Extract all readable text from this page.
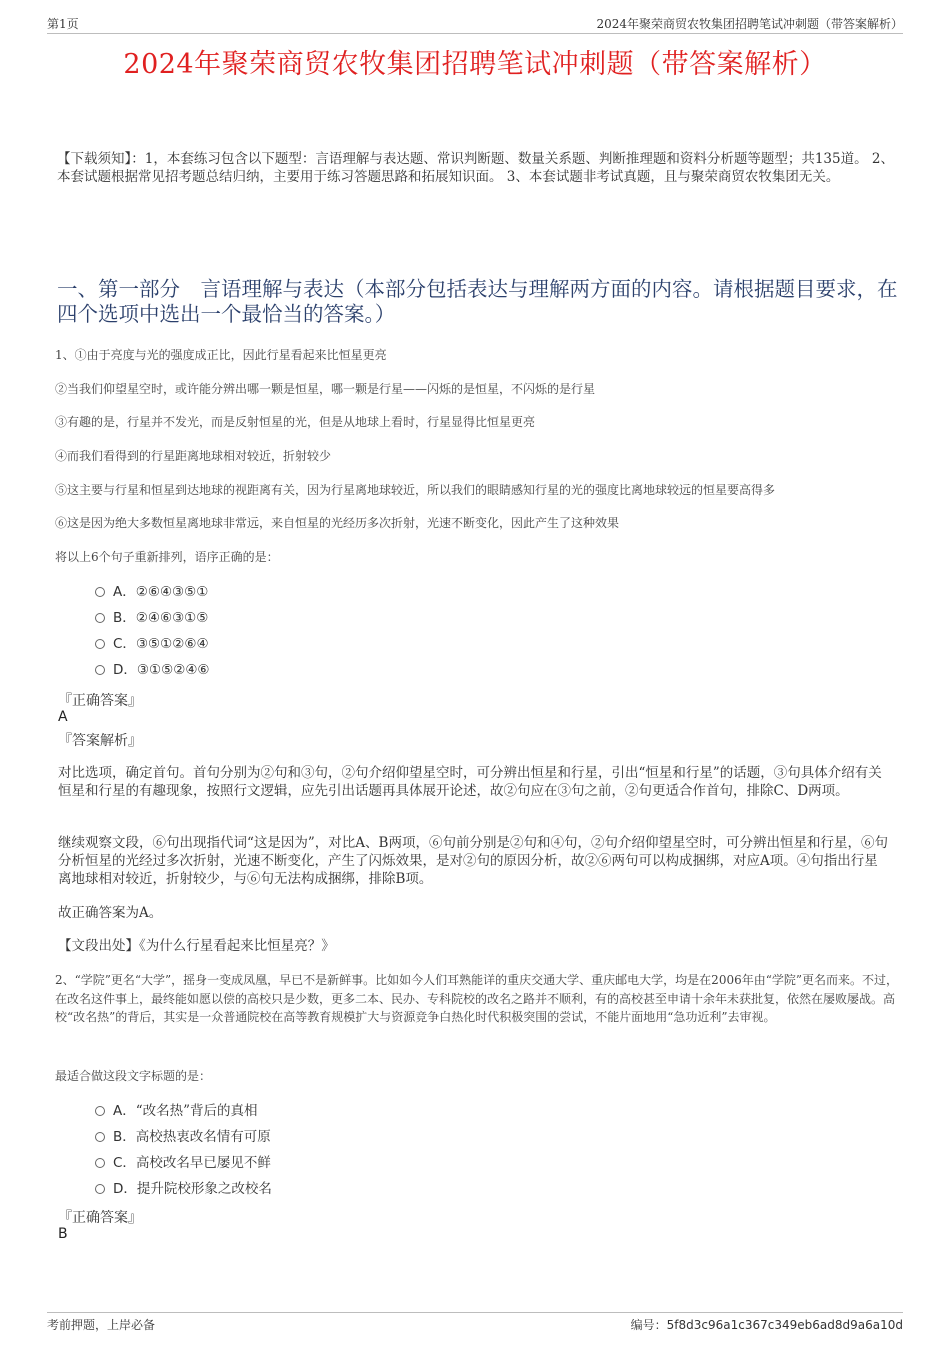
第1页	2024年聚荣商贸农牧集团招聘笔试冲刺题（带答案解析）
2024年聚荣商贸农牧集团招聘笔试冲刺题（带答案解析）
【下载须知】：1，本套练习包含以下题型：言语理解与表达题、常识判断题、数量关系题、判断推理题和资料分析题等题型；共135道。 2、本套试题根据常见招考题总结归纳，主要用于练习答题思路和拓展知识面。 3、本套试题非考试真题，且与聚荣商贸农牧集团无关。
一、第一部分　言语理解与表达（本部分包括表达与理解两方面的内容。请根据题目要求，在四个选项中选出一个最恰当的答案。）
1、①由于亮度与光的强度成正比，因此行星看起来比恒星更亮
②当我们仰望星空时，或许能分辨出哪一颗是恒星，哪一颗是行星——闪烁的是恒星，不闪烁的是行星
③有趣的是，行星并不发光，而是反射恒星的光，但是从地球上看时，行星显得比恒星更亮
④而我们看得到的行星距离地球相对较近，折射较少
⑤这主要与行星和恒星到达地球的视距离有关，因为行星离地球较近，所以我们的眼睛感知行星的光的强度比离地球较远的恒星要高得多
⑥这是因为绝大多数恒星离地球非常远，来自恒星的光经历多次折射，光速不断变化，因此产生了这种效果
将以上6个句子重新排列，语序正确的是：
A．②⑥④③⑤①
B．②④⑥③①⑤
C．③⑤①②⑥④
D．③①⑤②④⑥
『正确答案』
A
『答案解析』
对比选项，确定首句。首句分别为②句和③句，②句介绍仰望星空时，可分辨出恒星和行星，引出“恒星和行星”的话题，③句具体介绍有关恒星和行星的有趣现象，按照行文逻辑，应先引出话题再具体展开论述，故②句应在③句之前，②句更适合作首句，排除C、D两项。
继续观察文段，⑥句出现指代词“这是因为”，对比A、B两项，⑥句前分别是②句和④句，②句介绍仰望星空时，可分辨出恒星和行星，⑥句分析恒星的光经过多次折射，光速不断变化，产生了闪烁效果，是对②句的原因分析，故②⑥两句可以构成捆绑，对应A项。④句指出行星离地球相对较近，折射较少，与⑥句无法构成捆绑，排除B项。
故正确答案为A。
【文段出处】《为什么行星看起来比恒星亮？》
2、“学院”更名“大学”，摇身一变成凤凰，早已不是新鲜事。比如如今人们耳熟能详的重庆交通大学、重庆邮电大学，均是在2006年由“学院”更名而来。不过，在改名这件事上，最终能如愿以偿的高校只是少数，更多二本、民办、专科院校的改名之路并不顺利，有的高校甚至申请十余年未获批复，依然在屡败屡战。高校“改名热”的背后，其实是一众普通院校在高等教育规模扩大与资源竞争白热化时代积极突围的尝试，不能片面地用“急功近利”去审视。
最适合做这段文字标题的是：
A．“改名热”背后的真相
B．高校热衷改名情有可原
C．高校改名早已屡见不鲜
D．提升院校形象之改校名
『正确答案』
B
考前押题，上岸必备	编号：5f8d3c96a1c367c349eb6ad8d9a6a10d
